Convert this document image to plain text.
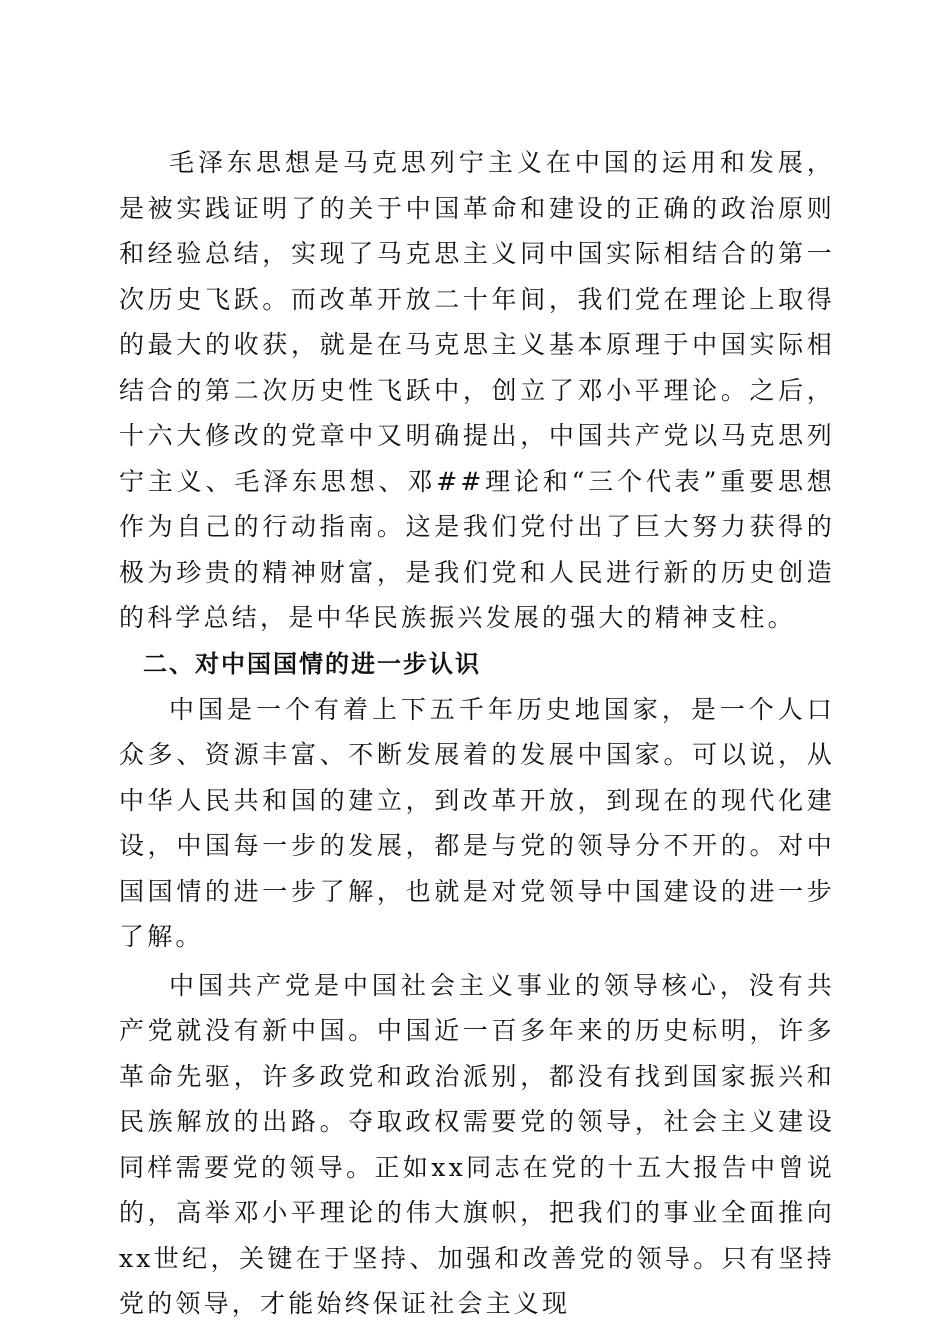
毛泽东思想是马克思列宁主义在中国的运用和发展，是被实践证明了的关于中国革命和建设的正确的政治原则和经验总结，实现了马克思主义同中国实际相结合的第一次历史飞跃。而改革开放二十年间，我们党在理论上取得的最大的收获，就是在马克思主义基本原理于中国实际相结合的第二次历史性飞跃中，创立了邓小平理论。之后，十六大修改的党章中又明确提出，中国共产党以马克思列宁主义、毛泽东思想、邓##理论和“三个代表”重要思想作为自己的行动指南。这是我们党付出了巨大努力获得的极为珍贵的精神财富，是我们党和人民进行新的历史创造的科学总结，是中华民族振兴发展的强大的精神支柱。

二、对中国国情的进一步认识

中国是一个有着上下五千年历史地国家，是一个人口众多、资源丰富、不断发展着的发展中国家。可以说，从中华人民共和国的建立，到改革开放，到现在的现代化建设，中国每一步的发展，都是与党的领导分不开的。对中国国情的进一步了解，也就是对党领导中国建设的进一步了解。

中国共产党是中国社会主义事业的领导核心，没有共产党就没有新中国。中国近一百多年来的历史标明，许多革命先驱，许多政党和政治派别，都没有找到国家振兴和民族解放的出路。夺取政权需要党的领导，社会主义建设同样需要党的领导。正如xx同志在党的十五大报告中曾说的，高举邓小平理论的伟大旗帜，把我们的事业全面推向xx世纪，关键在于坚持、加强和改善党的领导。只有坚持党的领导，才能始终保证社会主义现
